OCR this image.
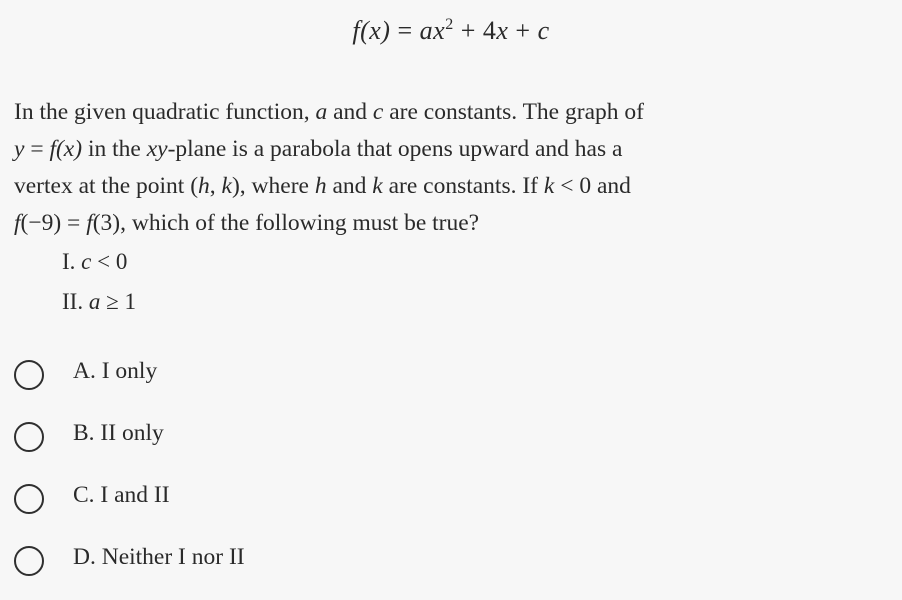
$f(x) = ax^2 + 4x + c$
In the given quadratic function, a and c are constants. The graph of
y = f(x) in the xy-plane is a parabola that opens upward and has a
vertex at the point (h, k), where h and k are constants. If k < 0 and
f(−9) = f(3), which of the following must be true?
I. c < 0
II. a ≥ 1
A. I only
B. II only
C. I and II
D. Neither I nor II
